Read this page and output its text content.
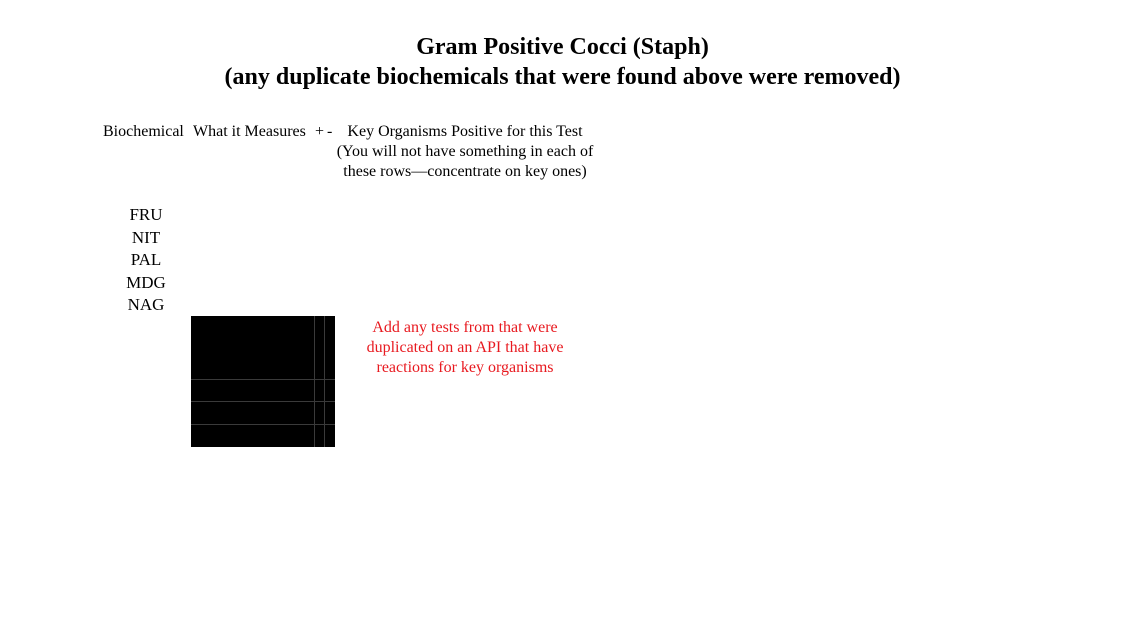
Gram Positive Cocci (Staph)
(any duplicate biochemicals that were found above were removed)
Biochemical What it Measures + - Key Organisms Positive for this Test (You will not have something in each of these rows—concentrate on key ones)
FRU
NIT
PAL
MDG
NAG
Add any tests from that were duplicated on an API that have reactions for key organisms
